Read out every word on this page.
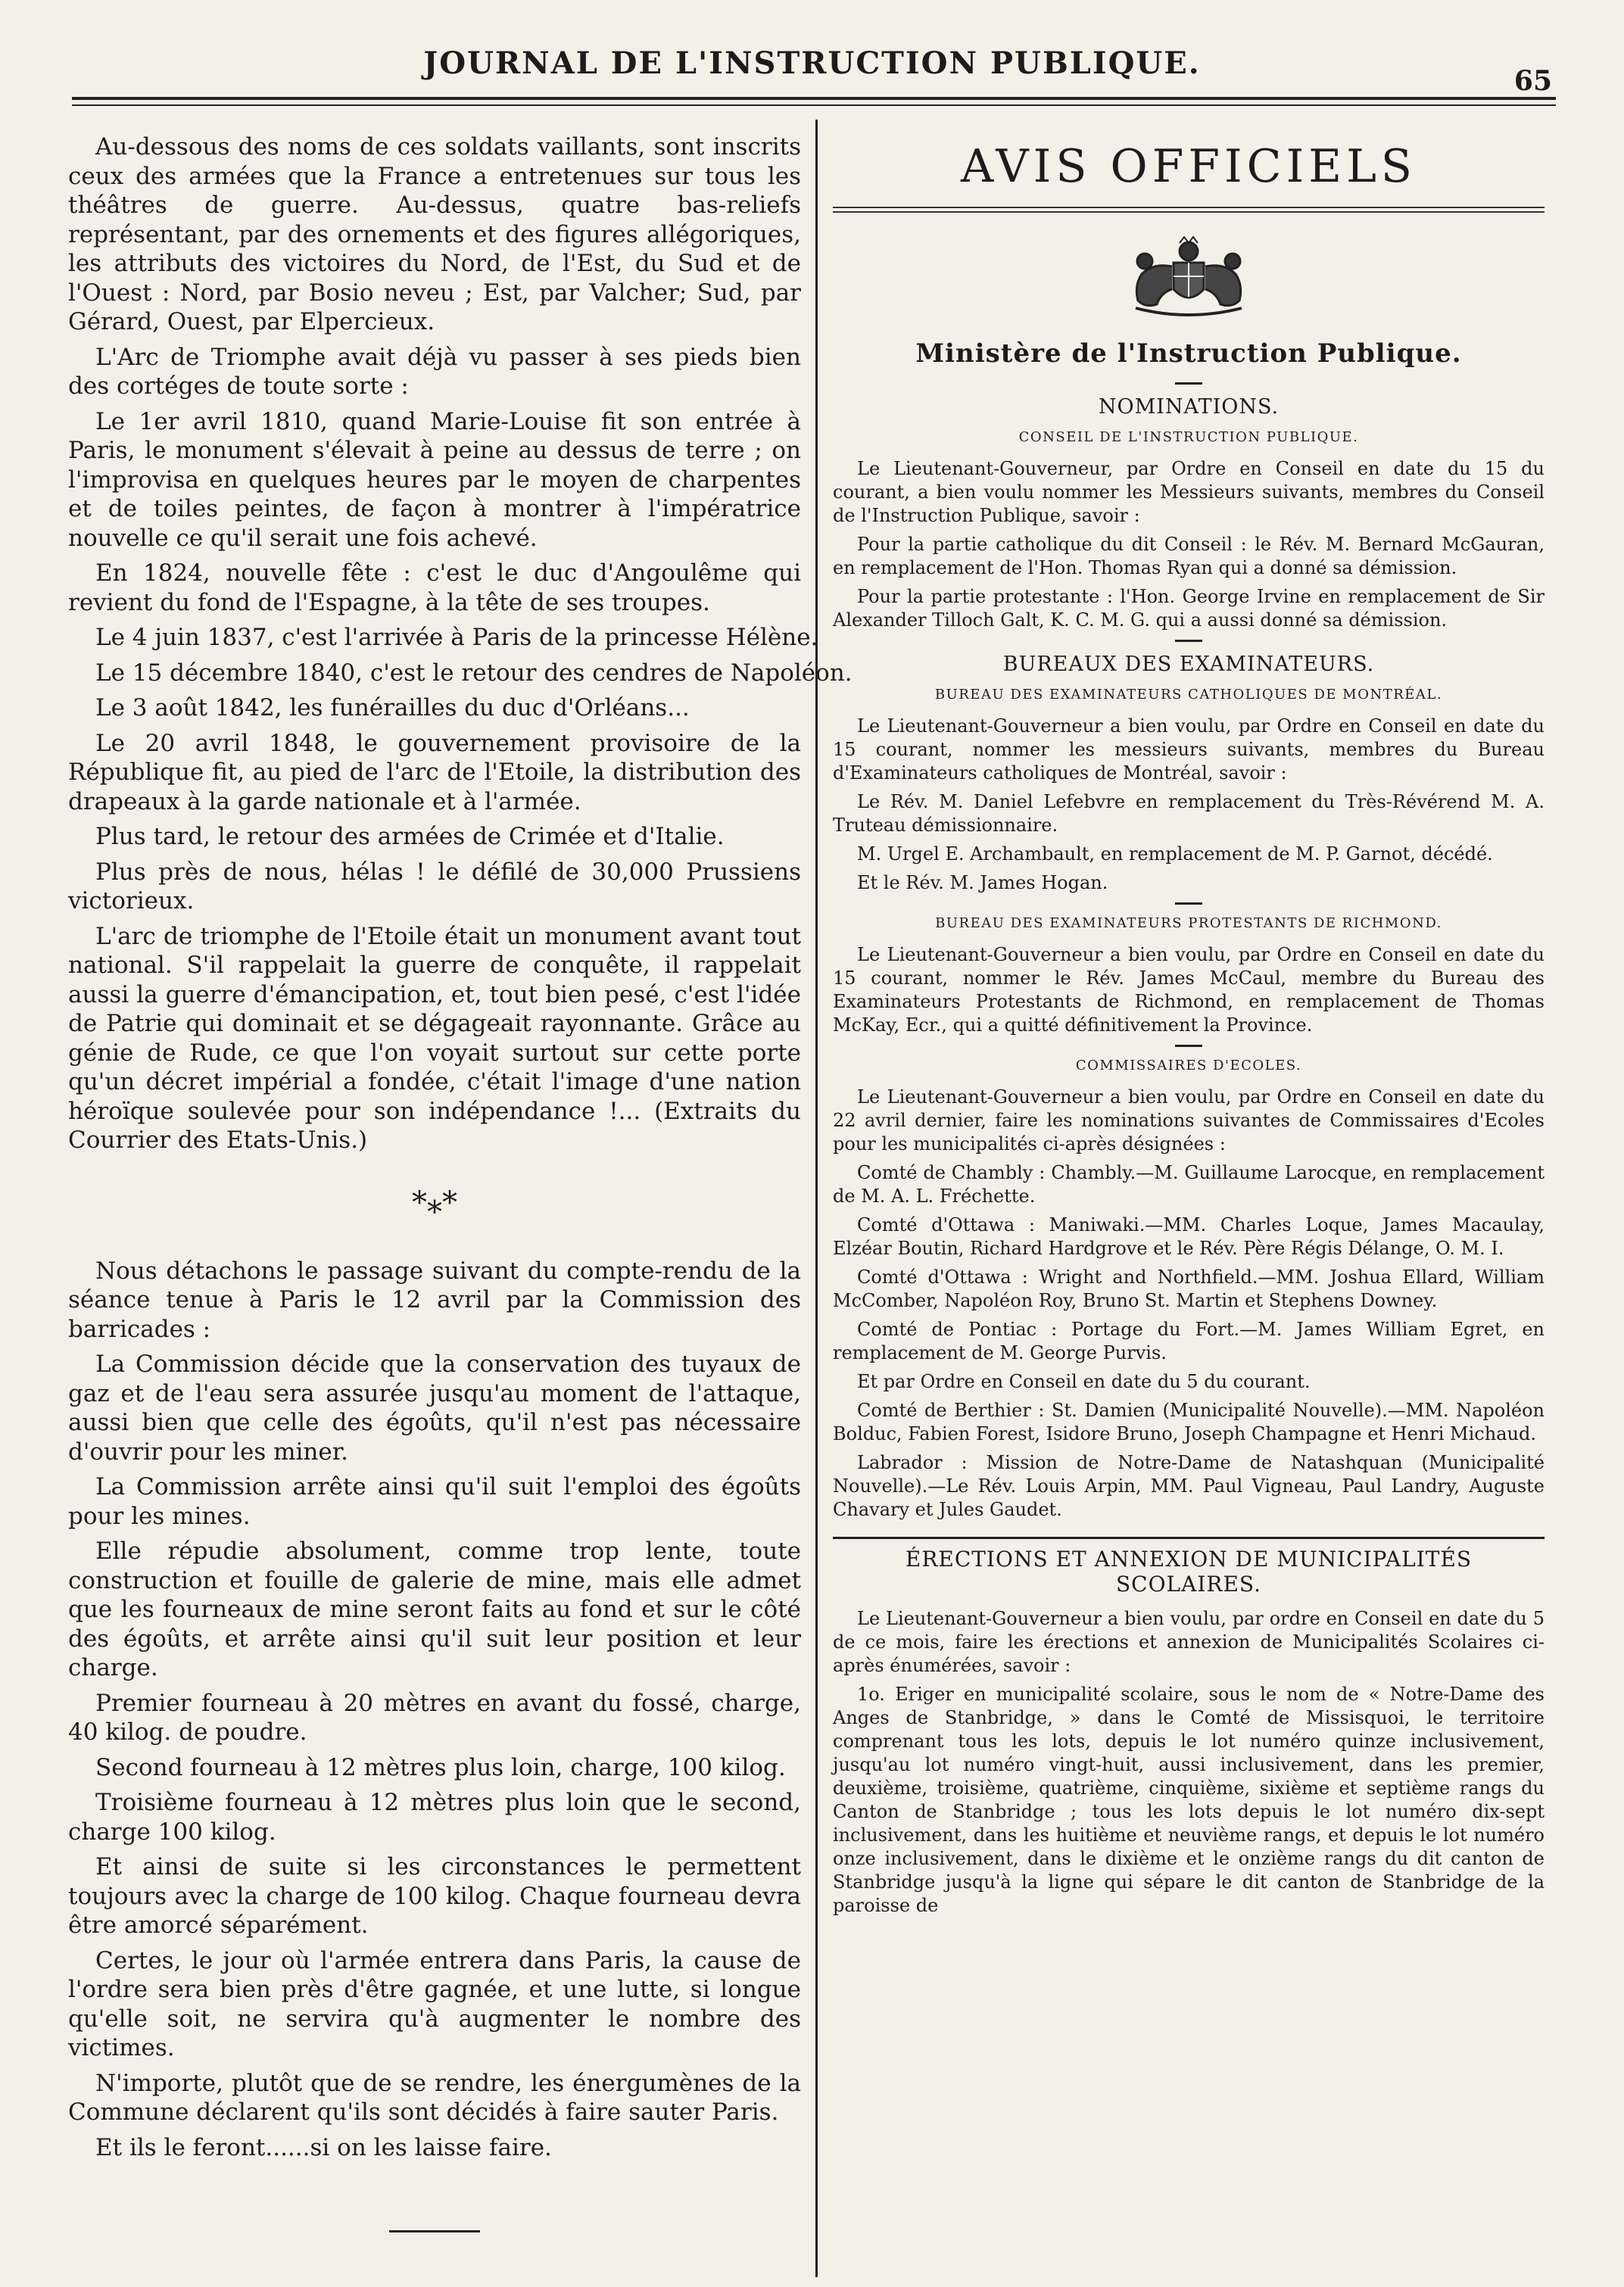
JOURNAL DE L'INSTRUCTION PUBLIQUE.	65

Au-dessous des noms de ces soldats vaillants, sont inscrits ceux des armées que la France a entretenues sur tous les théâtres de guerre. Au-dessus, quatre bas-reliefs représentant, par des ornements et des figures allégoriques, les attributs des victoires du Nord, de l'Est, du Sud et de l'Ouest : Nord, par Bosio neveu ; Est, par Valcher; Sud, par Gérard, Ouest, par Elpercieux.

L'Arc de Triomphe avait déjà vu passer à ses pieds bien des cortéges de toute sorte :

Le 1er avril 1810, quand Marie-Louise fit son entrée à Paris, le monument s'élevait à peine au dessus de terre ; on l'improvisa en quelques heures par le moyen de charpentes et de toiles peintes, de façon à montrer à l'impératrice nouvelle ce qu'il serait une fois achevé.

En 1824, nouvelle fête : c'est le duc d'Angoulême qui revient du fond de l'Espagne, à la tête de ses troupes.

Le 4 juin 1837, c'est l'arrivée à Paris de la princesse Hélène.

Le 15 décembre 1840, c'est le retour des cendres de Napoléon.

Le 3 août 1842, les funérailles du duc d'Orléans...

Le 20 avril 1848, le gouvernement provisoire de la République fit, au pied de l'arc de l'Etoile, la distribution des drapeaux à la garde nationale et à l'armée.

Plus tard, le retour des armées de Crimée et d'Italie.

Plus près de nous, hélas ! le défilé de 30,000 Prussiens victorieux.

L'arc de triomphe de l'Etoile était un monument avant tout national. S'il rappelait la guerre de conquête, il rappelait aussi la guerre d'émancipation, et, tout bien pesé, c'est l'idée de Patrie qui dominait et se dégageait rayonnante. Grâce au génie de Rude, ce que l'on voyait surtout sur cette porte qu'un décret impérial a fondée, c'était l'image d'une nation héroïque soulevée pour son indépendance !... (Extraits du Courrier des Etats-Unis.)

*⁎*

Nous détachons le passage suivant du compte-rendu de la séance tenue à Paris le 12 avril par la Commission des barricades :

La Commission décide que la conservation des tuyaux de gaz et de l'eau sera assurée jusqu'au moment de l'attaque, aussi bien que celle des égoûts, qu'il n'est pas nécessaire d'ouvrir pour les miner.

La Commission arrête ainsi qu'il suit l'emploi des égoûts pour les mines.

Elle répudie absolument, comme trop lente, toute construction et fouille de galerie de mine, mais elle admet que les fourneaux de mine seront faits au fond et sur le côté des égoûts, et arrête ainsi qu'il suit leur position et leur charge.

Premier fourneau à 20 mètres en avant du fossé, charge, 40 kilog. de poudre.

Second fourneau à 12 mètres plus loin, charge, 100 kilog.

Troisième fourneau à 12 mètres plus loin que le second, charge 100 kilog.

Et ainsi de suite si les circonstances le permettent toujours avec la charge de 100 kilog. Chaque fourneau devra être amorcé séparément.

Certes, le jour où l'armée entrera dans Paris, la cause de l'ordre sera bien près d'être gagnée, et une lutte, si longue qu'elle soit, ne servira qu'à augmenter le nombre des victimes.

N'importe, plutôt que de se rendre, les énergumènes de la Commune déclarent qu'ils sont décidés à faire sauter Paris.

Et ils le feront......si on les laisse faire.

AVIS OFFICIELS
Ministère de l'Instruction Publique.
NOMINATIONS.
CONSEIL DE L'INSTRUCTION PUBLIQUE.

Le Lieutenant-Gouverneur, par Ordre en Conseil en date du 15 du courant, a bien voulu nommer les Messieurs suivants, membres du Conseil de l'Instruction Publique, savoir :

Pour la partie catholique du dit Conseil : le Rév. M. Bernard McGauran, en remplacement de l'Hon. Thomas Ryan qui a donné sa démission.

Pour la partie protestante : l'Hon. George Irvine en remplacement de Sir Alexander Tilloch Galt, K. C. M. G. qui a aussi donné sa démission.

BUREAUX DES EXAMINATEURS.
BUREAU DES EXAMINATEURS CATHOLIQUES DE MONTRÉAL.

Le Lieutenant-Gouverneur a bien voulu, par Ordre en Conseil en date du 15 courant, nommer les messieurs suivants, membres du Bureau d'Examinateurs catholiques de Montréal, savoir :

Le Rév. M. Daniel Lefebvre en remplacement du Très-Révérend M. A. Truteau démissionnaire.

M. Urgel E. Archambault, en remplacement de M. P. Garnot, décédé.

Et le Rév. M. James Hogan.

BUREAU DES EXAMINATEURS PROTESTANTS DE RICHMOND.

Le Lieutenant-Gouverneur a bien voulu, par Ordre en Conseil en date du 15 courant, nommer le Rév. James McCaul, membre du Bureau des Examinateurs Protestants de Richmond, en remplacement de Thomas McKay, Ecr., qui a quitté définitivement la Province.

COMMISSAIRES D'ECOLES.

Le Lieutenant-Gouverneur a bien voulu, par Ordre en Conseil en date du 22 avril dernier, faire les nominations suivantes de Commissaires d'Ecoles pour les municipalités ci-après désignées :

Comté de Chambly : Chambly.—M. Guillaume Larocque, en remplacement de M. A. L. Fréchette.

Comté d'Ottawa : Maniwaki.—MM. Charles Loque, James Macaulay, Elzéar Boutin, Richard Hardgrove et le Rév. Père Régis Délange, O. M. I.

Comté d'Ottawa : Wright and Northfield.—MM. Joshua Ellard, William McComber, Napoléon Roy, Bruno St. Martin et Stephens Downey.

Comté de Pontiac : Portage du Fort.—M. James William Egret, en remplacement de M. George Purvis.

Et par Ordre en Conseil en date du 5 du courant.

Comté de Berthier : St. Damien (Municipalité Nouvelle).—MM. Napoléon Bolduc, Fabien Forest, Isidore Bruno, Joseph Champagne et Henri Michaud.

Labrador : Mission de Notre-Dame de Natashquan (Municipalité Nouvelle).—Le Rév. Louis Arpin, MM. Paul Vigneau, Paul Landry, Auguste Chavary et Jules Gaudet.

ÉRECTIONS ET ANNEXION DE MUNICIPALITÉS SCOLAIRES.

Le Lieutenant-Gouverneur a bien voulu, par ordre en Conseil en date du 5 de ce mois, faire les érections et annexion de Municipalités Scolaires ci-après énumérées, savoir :

1o. Eriger en municipalité scolaire, sous le nom de « Notre-Dame des Anges de Stanbridge, » dans le Comté de Missisquoi, le territoire comprenant tous les lots, depuis le lot numéro quinze inclusivement, jusqu'au lot numéro vingt-huit, aussi inclusivement, dans les premier, deuxième, troisième, quatrième, cinquième, sixième et septième rangs du Canton de Stanbridge ; tous les lots depuis le lot numéro dix-sept inclusivement, dans les huitième et neuvième rangs, et depuis le lot numéro onze inclusivement, dans le dixième et le onzième rangs du dit canton de Stanbridge jusqu'à la ligne qui sépare le dit canton de Stanbridge de la paroisse de
